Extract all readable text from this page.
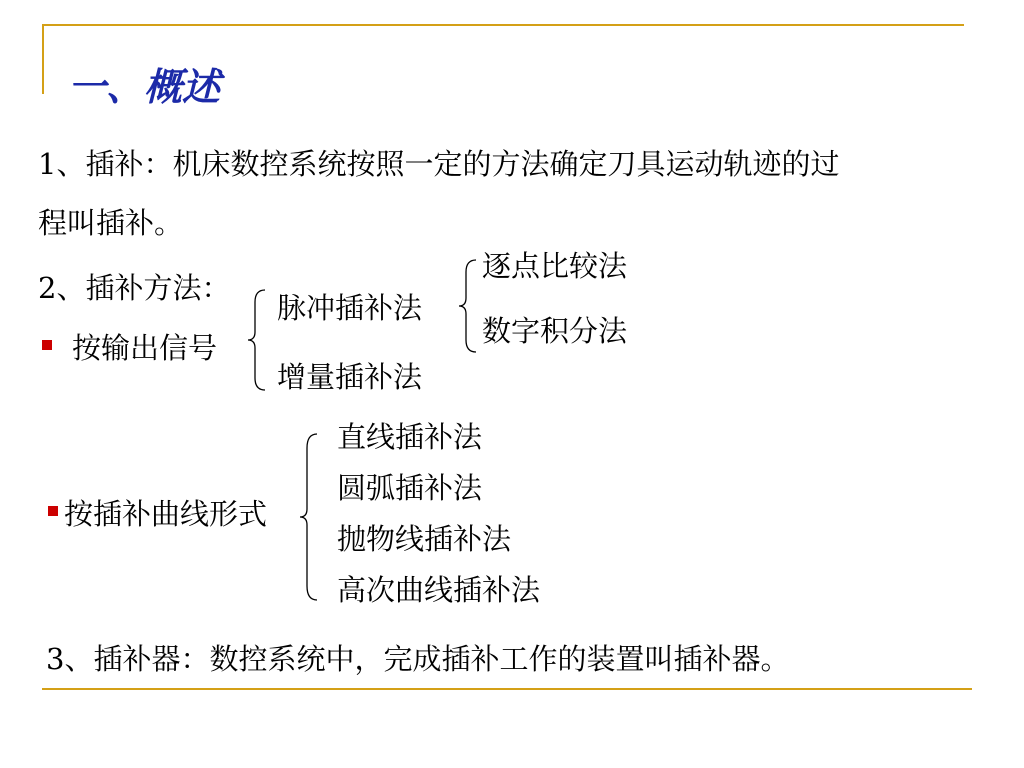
一、概述
1、插补：机床数控系统按照一定的方法确定刀具运动轨迹的过
程叫插补。
2、插补方法：
按输出信号
脉冲插补法
增量插补法
逐点比较法
数字积分法
按插补曲线形式
直线插补法
圆弧插补法
抛物线插补法
高次曲线插补法
3、插补器：数控系统中，完成插补工作的装置叫插补器。
